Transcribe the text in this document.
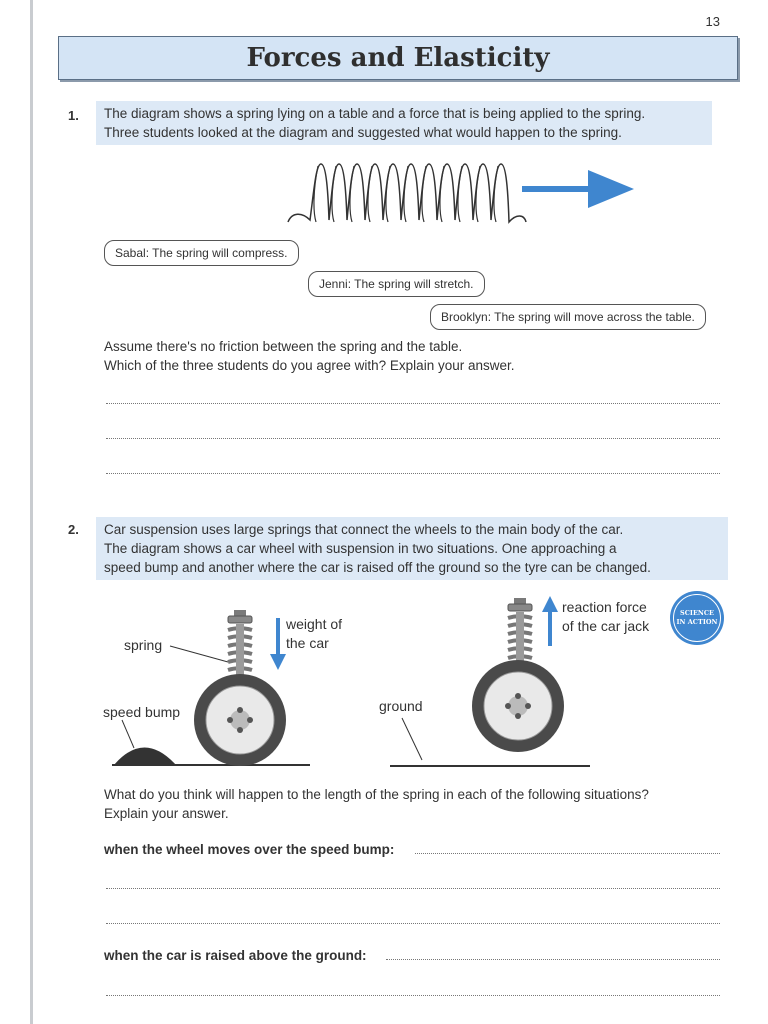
13
Forces and Elasticity
1. The diagram shows a spring lying on a table and a force that is being applied to the spring.
Three students looked at the diagram and suggested what would happen to the spring.
Sabal: The spring will compress.
Jenni: The spring will stretch.
Brooklyn: The spring will move across the table.
Assume there's no friction between the spring and the table.
Which of the three students do you agree with? Explain your answer.
2. Car suspension uses large springs that connect the wheels to the main body of the car.
The diagram shows a car wheel with suspension in two situations. One approaching a
speed bump and another where the car is raised off the ground so the tyre can be changed.
spring
weight of
the car
speed bump	ground
reaction force
of the car jack
SCIENCE
IN ACTION
What do you think will happen to the length of the spring in each of the following situations?
Explain your answer.
when the wheel moves over the speed bump:
when the car is raised above the ground:
